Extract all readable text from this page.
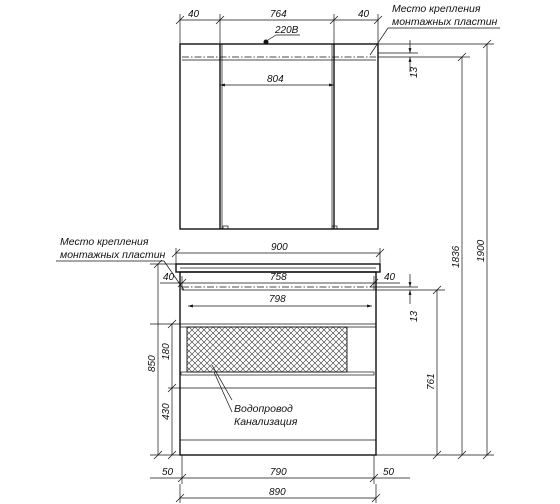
40	764	40
220В
804
Место крепления
монтажных пластин
13
Место крепления
монтажных пластин
900
758
40	40
798
13
850
180
430
761
Водопровод
Канализация
50	790	50
890
1836 1900
